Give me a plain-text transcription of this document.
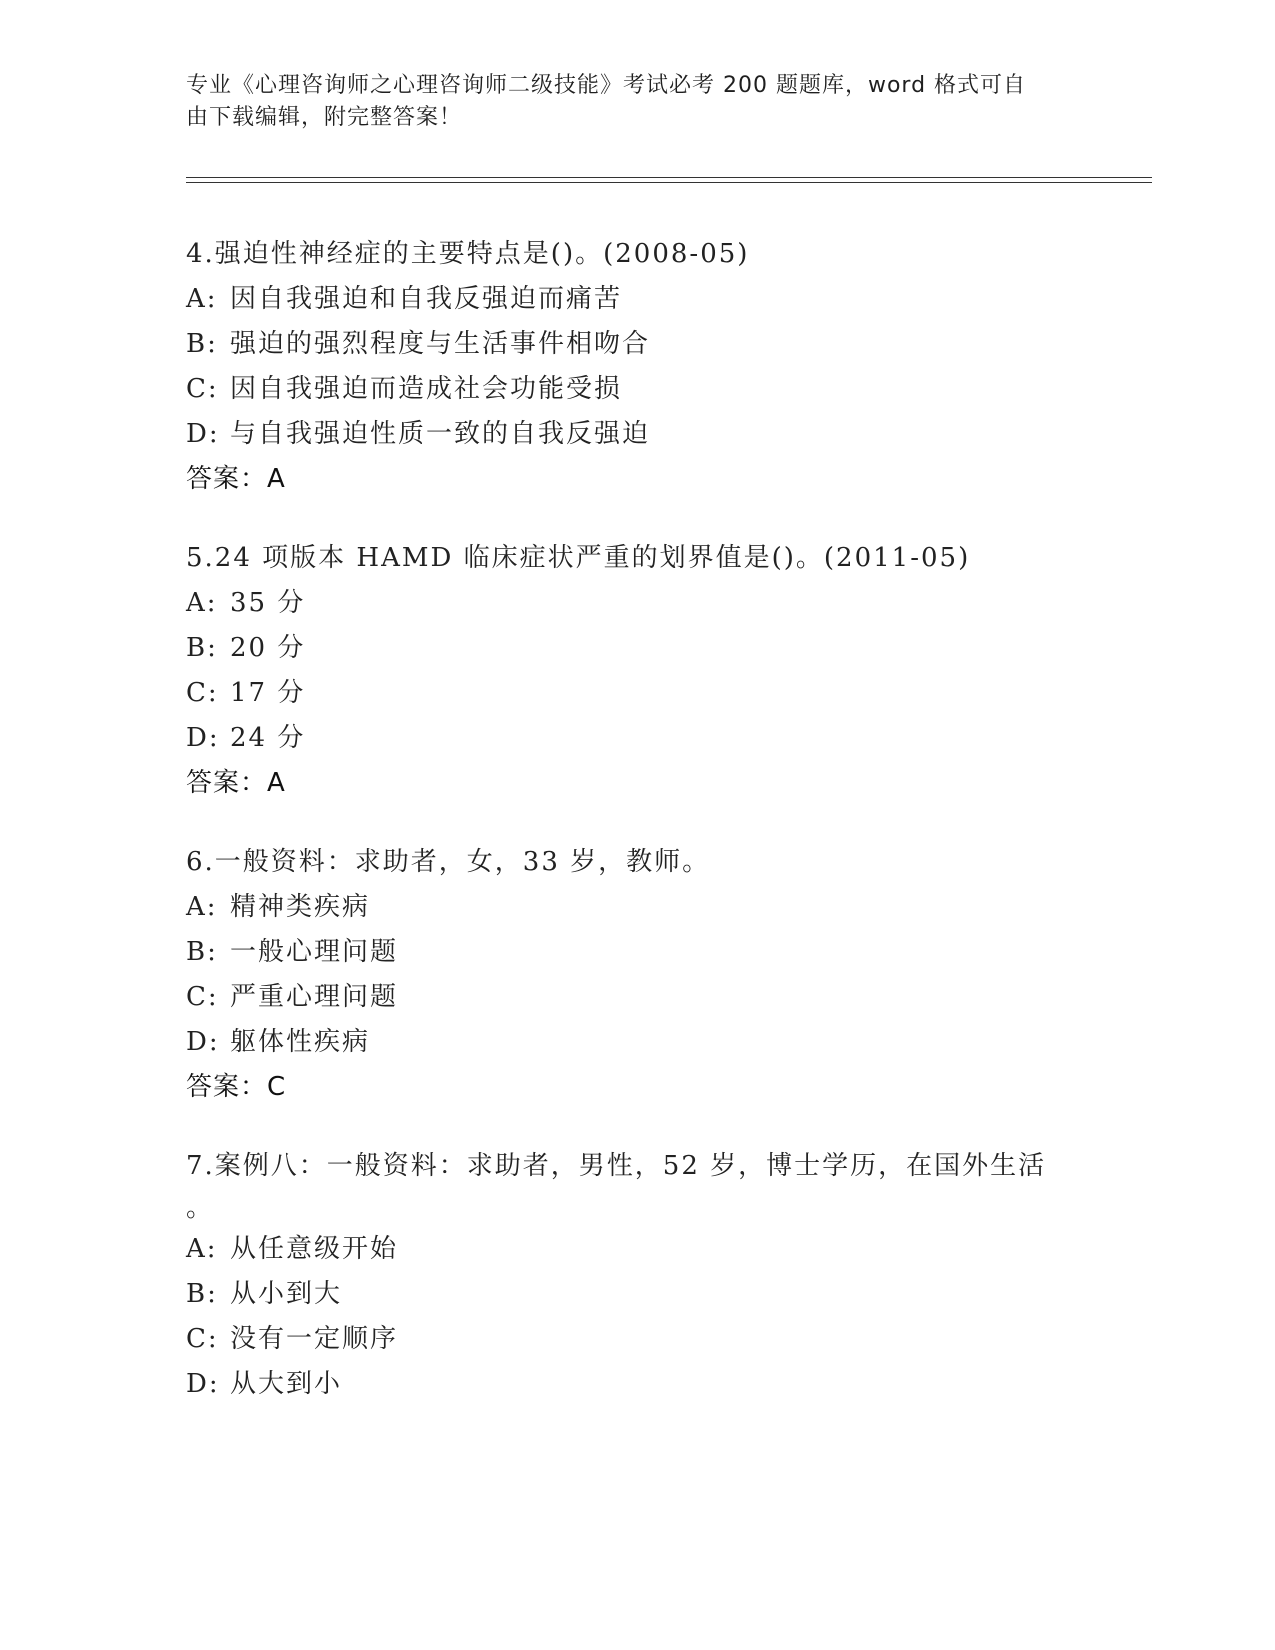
专业《心理咨询师之心理咨询师二级技能》考试必考 200 题题库，word 格式可自
由下载编辑，附完整答案！
4.强迫性神经症的主要特点是()。(2008-05)
A: 因自我强迫和自我反强迫而痛苦
B: 强迫的强烈程度与生活事件相吻合
C: 因自我强迫而造成社会功能受损
D: 与自我强迫性质一致的自我反强迫
答案：A
5.24 项版本 HAMD 临床症状严重的划界值是()。(2011-05)
A: 35 分
B: 20 分
C: 17 分
D: 24 分
答案：A
6.一般资料：求助者，女，33 岁，教师。
A: 精神类疾病
B: 一般心理问题
C: 严重心理问题
D: 躯体性疾病
答案：C
7.案例八：一般资料：求助者，男性，52 岁，博士学历，在国外生活
。
A: 从任意级开始
B: 从小到大
C: 没有一定顺序
D: 从大到小
